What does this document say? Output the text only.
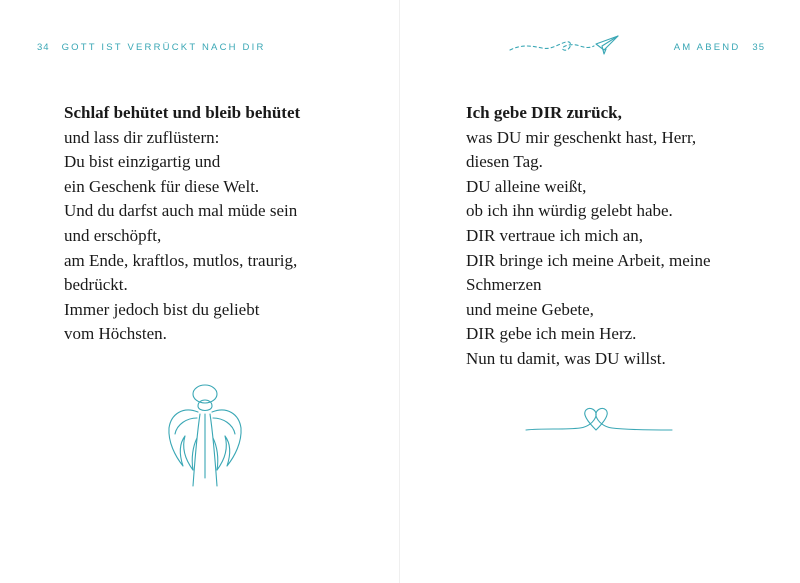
34 GOTT IST VERRÜCKT NACH DIR
Schlaf behütet und bleib behütet
und lass dir zuflüstern:
Du bist einzigartig und
ein Geschenk für diese Welt.
Und du darfst auch mal müde sein
und erschöpft,
am Ende, kraftlos, mutlos, traurig,
bedrückt.
Immer jedoch bist du geliebt
vom Höchsten.
AM ABEND 35
Ich gebe DIR zurück,
was DU mir geschenkt hast, Herr,
diesen Tag.
DU alleine weißt,
ob ich ihn würdig gelebt habe.
DIR vertraue ich mich an,
DIR bringe ich meine Arbeit, meine
Schmerzen
und meine Gebete,
DIR gebe ich mein Herz.
Nun tu damit, was DU willst.
